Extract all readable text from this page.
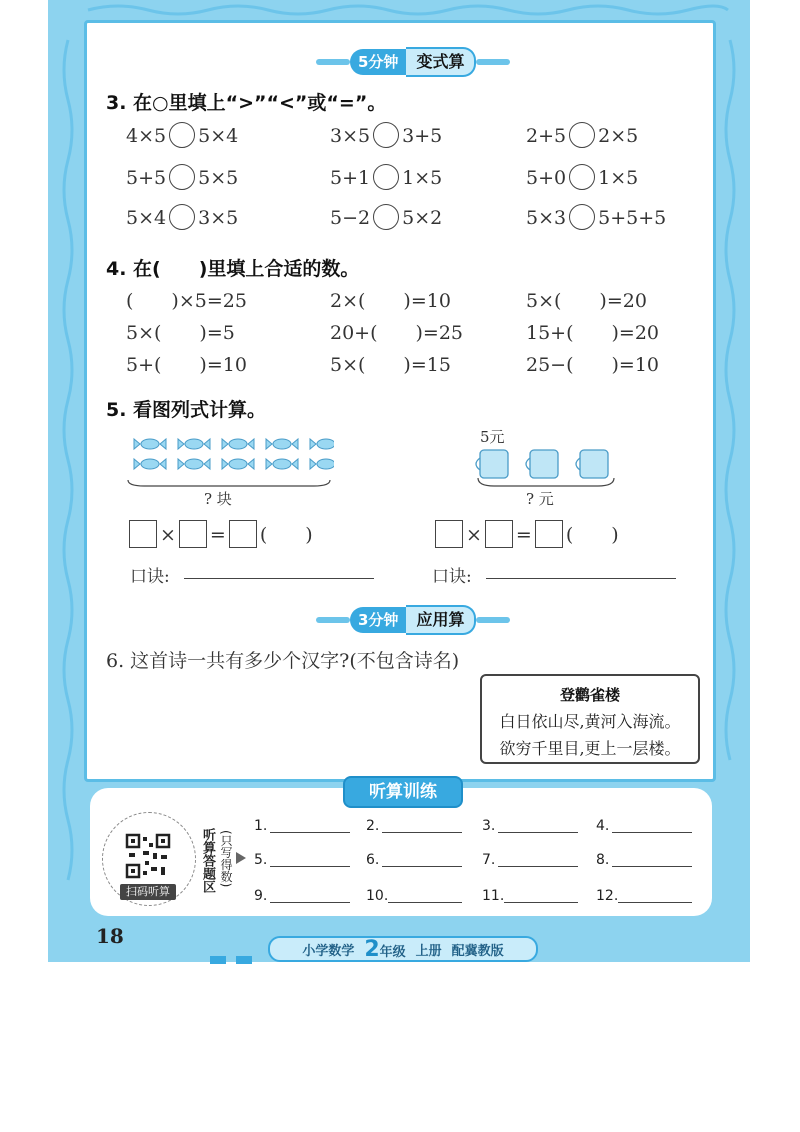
5分钟	变式算
3. 在○里填上“>”“<”或“=”。
4×5 5×4	3×5 3+5	2+5 2×5
5+5 5×5	5+1 1×5	5+0 1×5
5×4 3×5	5−2 5×2	5×3 5+5+5
4. 在(　　)里填上合适的数。
(　　)×5=25	2×(　　)=10	5×(　　)=20
5×(　　)=5	20+(　　)=25	15+(　　)=20
5+(　　)=10	5×(　　)=15	25−(　　)=10
5. 看图列式计算。
? 块
5元
? 元
× = (　　)	× = (　　)
口诀:	口诀:
3分钟	应用算
6. 这首诗一共有多少个汉字?(不包含诗名)
登鹳雀楼
白日依山尽,黄河入海流。
欲穷千里目,更上一层楼。
听算训练
扫码听算	听算答题区 (只写得数)
1.	2.	3.	4.
5.	6.	7.	8.
9.	10.	11.	12.
18
小学数学 2年级 上册 配冀教版
